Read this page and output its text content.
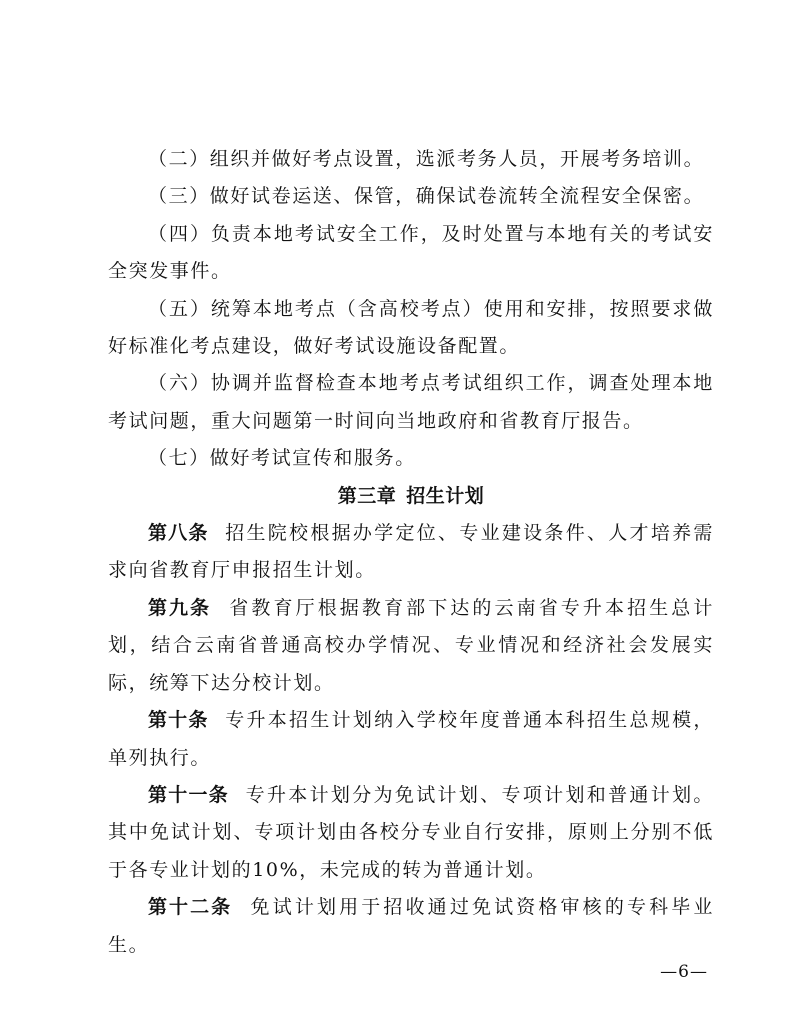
（二）组织并做好考点设置，选派考务人员，开展考务培训。

（三）做好试卷运送、保管，确保试卷流转全流程安全保密。

（四）负责本地考试安全工作，及时处置与本地有关的考试安全突发事件。

（五）统筹本地考点（含高校考点）使用和安排，按照要求做好标准化考点建设，做好考试设施设备配置。

（六）协调并监督检查本地考点考试组织工作，调查处理本地考试问题，重大问题第一时间向当地政府和省教育厅报告。

（七）做好考试宣传和服务。

第三章 招生计划

第八条 招生院校根据办学定位、专业建设条件、人才培养需求向省教育厅申报招生计划。

第九条 省教育厅根据教育部下达的云南省专升本招生总计划，结合云南省普通高校办学情况、专业情况和经济社会发展实际，统筹下达分校计划。

第十条 专升本招生计划纳入学校年度普通本科招生总规模，单列执行。

第十一条 专升本计划分为免试计划、专项计划和普通计划。其中免试计划、专项计划由各校分专业自行安排，原则上分别不低于各专业计划的10%，未完成的转为普通计划。

第十二条 免试计划用于招收通过免试资格审核的专科毕业生。

—6—
